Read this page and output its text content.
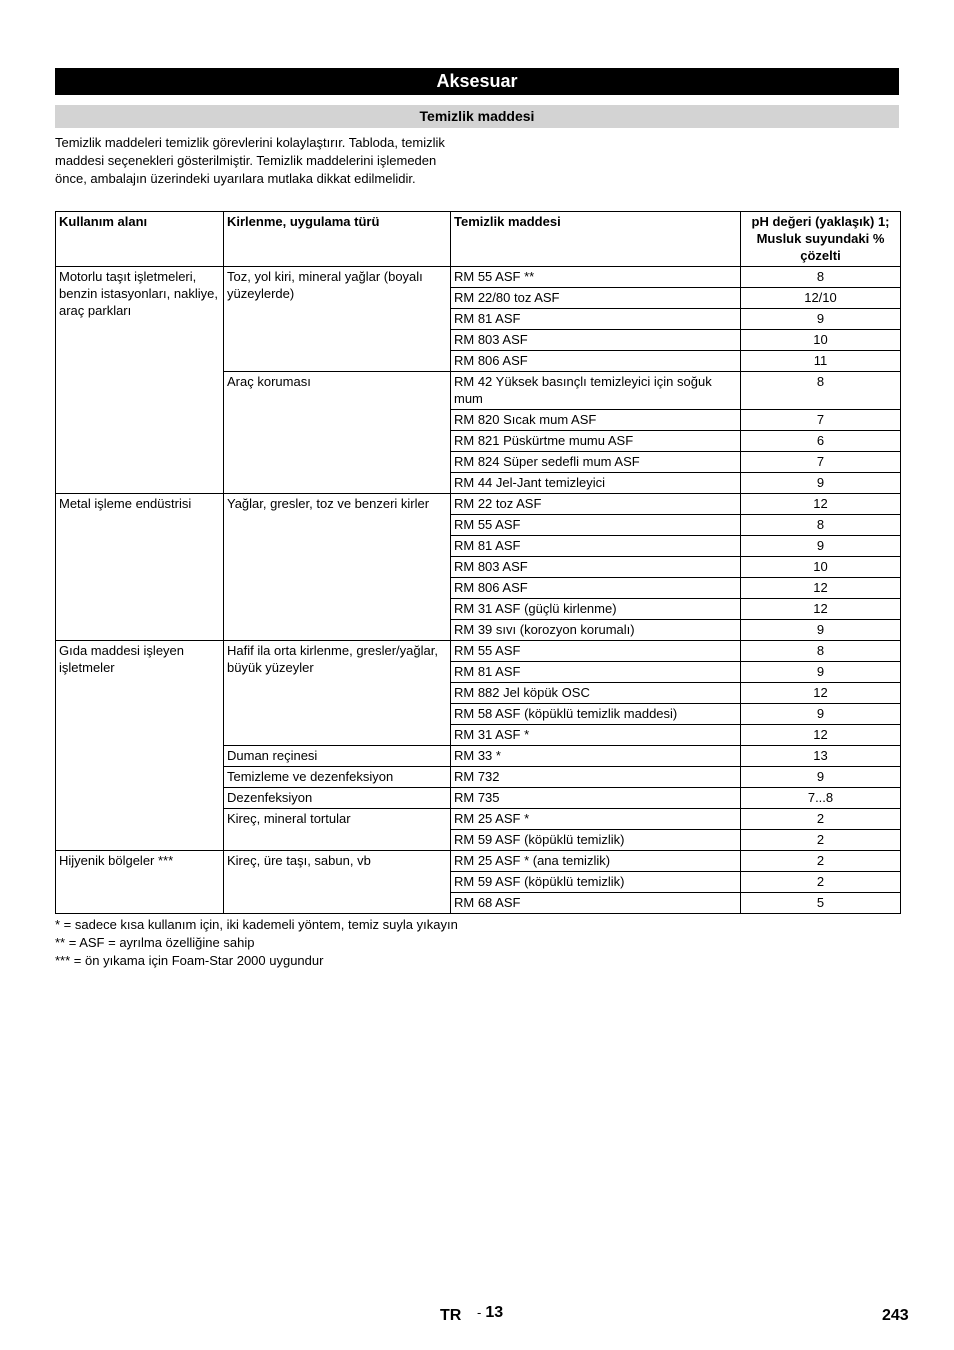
Aksesuar
Temizlik maddesi

Temizlik maddeleri temizlik görevlerini kolaylaştırır. Tabloda, temizlik maddesi seçenekleri gösterilmiştir. Temizlik maddelerini işlemeden önce, ambalajın üzerindeki uyarılara mutlaka dikkat edilmelidir.

Kullanım alanı	Kirlenme, uygulama türü	Temizlik maddesi	pH değeri (yaklaşık) 1; Musluk suyundaki % çözelti
Motorlu taşıt işletmeleri, benzin istasyonları, nakliye, araç parkları	Toz, yol kiri, mineral yağlar (boyalı yüzeylerde)	RM 55 ASF **	8
		RM 22/80 toz ASF	12/10
		RM 81 ASF	9
		RM 803 ASF	10
		RM 806 ASF	11
	Araç koruması	RM 42 Yüksek basınçlı temizleyici için soğuk mum	8
		RM 820 Sıcak mum ASF	7
		RM 821 Püskürtme mumu ASF	6
		RM 824 Süper sedefli mum ASF	7
		RM 44 Jel-Jant temizleyici	9
Metal işleme endüstrisi	Yağlar, gresler, toz ve benzeri kirler	RM 22 toz ASF	12
		RM 55 ASF	8
		RM 81 ASF	9
		RM 803 ASF	10
		RM 806 ASF	12
		RM 31 ASF (güçlü kirlenme)	12
		RM 39 sıvı (korozyon korumalı)	9
Gıda maddesi işleyen işletmeler	Hafif ila orta kirlenme, gresler/yağlar, büyük yüzeyler	RM 55 ASF	8
		RM 81 ASF	9
		RM 882 Jel köpük OSC	12
		RM 58 ASF (köpüklü temizlik maddesi)	9
		RM 31 ASF *	12
	Duman reçinesi	RM 33 *	13
	Temizleme ve dezenfeksiyon	RM 732	9
	Dezenfeksiyon	RM 735	7...8
	Kireç, mineral tortular	RM 25 ASF *	2
		RM 59 ASF (köpüklü temizlik)	2
Hijyenik bölgeler ***	Kireç, üre taşı, sabun, vb	RM 25 ASF * (ana temizlik)	2
		RM 59 ASF (köpüklü temizlik)	2
		RM 68 ASF	5
* = sadece kısa kullanım için, iki kademeli yöntem, temiz suyla yıkayın
** = ASF = ayrılma özelliğine sahip
*** = ön yıkama için Foam-Star 2000 uygundur
TR - 13	243
